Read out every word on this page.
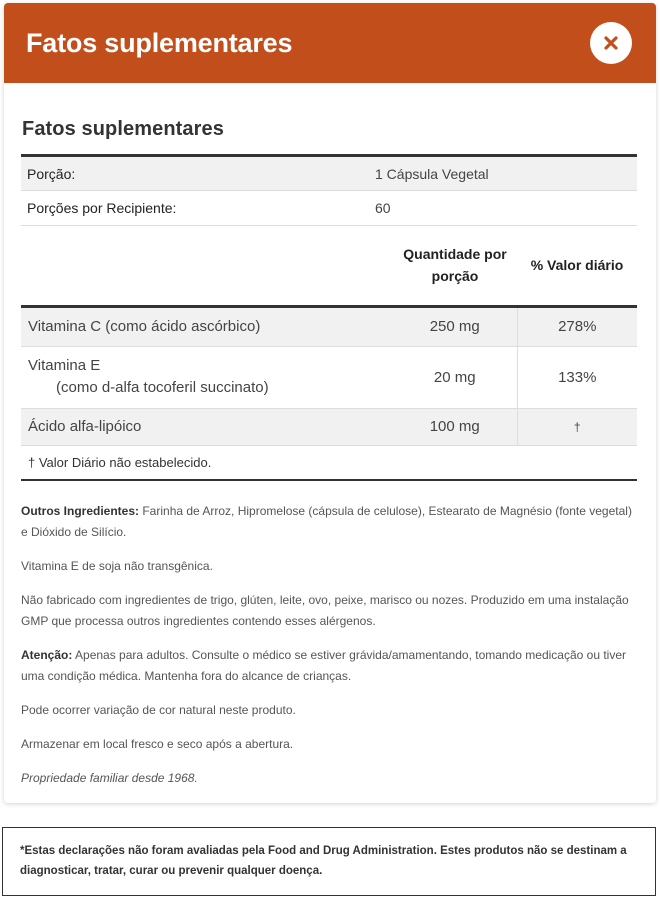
Fatos suplementares
Fatos suplementares
Porção:	1 Cápsula Vegetal
Porções por Recipiente:	60
	Quantidade por porção	% Valor diário
Vitamina C (como ácido ascórbico)	250 mg	278%
Vitamina E
(como d-alfa tocoferil succinato)	20 mg	133%
Ácido alfa-lipóico	100 mg	†
† Valor Diário não estabelecido.		

Outros Ingredientes: Farinha de Arroz, Hipromelose (cápsula de celulose), Estearato de Magnésio (fonte vegetal) e Dióxido de Silício.

Vitamina E de soja não transgênica.

Não fabricado com ingredientes de trigo, glúten, leite, ovo, peixe, marisco ou nozes. Produzido em uma instalação GMP que processa outros ingredientes contendo esses alérgenos.

Atenção: Apenas para adultos. Consulte o médico se estiver grávida/amamentando, tomando medicação ou tiver uma condição médica. Mantenha fora do alcance de crianças.

Pode ocorrer variação de cor natural neste produto.

Armazenar em local fresco e seco após a abertura.

Propriedade familiar desde 1968.

*Estas declarações não foram avaliadas pela Food and Drug Administration. Estes produtos não se destinam a diagnosticar, tratar, curar ou prevenir qualquer doença.
